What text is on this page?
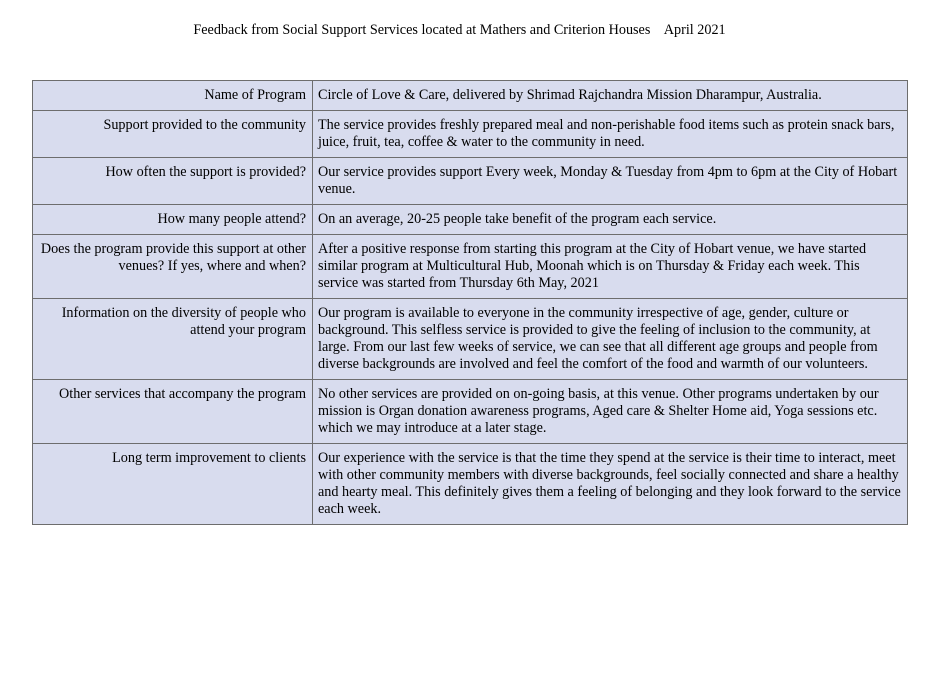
Feedback from Social Support Services located at Mathers and Criterion Houses    April 2021
Name of Program	Circle of Love & Care, delivered by Shrimad Rajchandra Mission Dharampur, Australia.
Support provided to the community	The service provides freshly prepared meal and non-perishable food items such as protein snack bars, juice, fruit, tea, coffee & water to the community in need.
How often the support is provided?	Our service provides support Every week, Monday & Tuesday from 4pm to 6pm at the City of Hobart venue.
How many people attend?	On an average, 20-25 people take benefit of the program each service.
Does the program provide this support at other venues? If yes, where and when?	After a positive response from starting this program at the City of Hobart venue, we have started similar program at Multicultural Hub, Moonah which is on Thursday & Friday each week. This service was started from Thursday 6th May, 2021
Information on the diversity of people who attend your program	Our program is available to everyone in the community irrespective of age, gender, culture or background. This selfless service is provided to give the feeling of inclusion to the community, at large. From our last few weeks of service, we can see that all different age groups and people from diverse backgrounds are involved and feel the comfort of the food and warmth of our volunteers.
Other services that accompany the program	No other services are provided on on-going basis, at this venue. Other programs undertaken by our mission is Organ donation awareness programs, Aged care & Shelter Home aid, Yoga sessions etc. which we may introduce at a later stage.
Long term improvement to clients	Our experience with the service is that the time they spend at the service is their time to interact, meet with other community members with diverse backgrounds, feel socially connected and share a healthy and hearty meal. This definitely gives them a feeling of belonging and they look forward to the service each week.
